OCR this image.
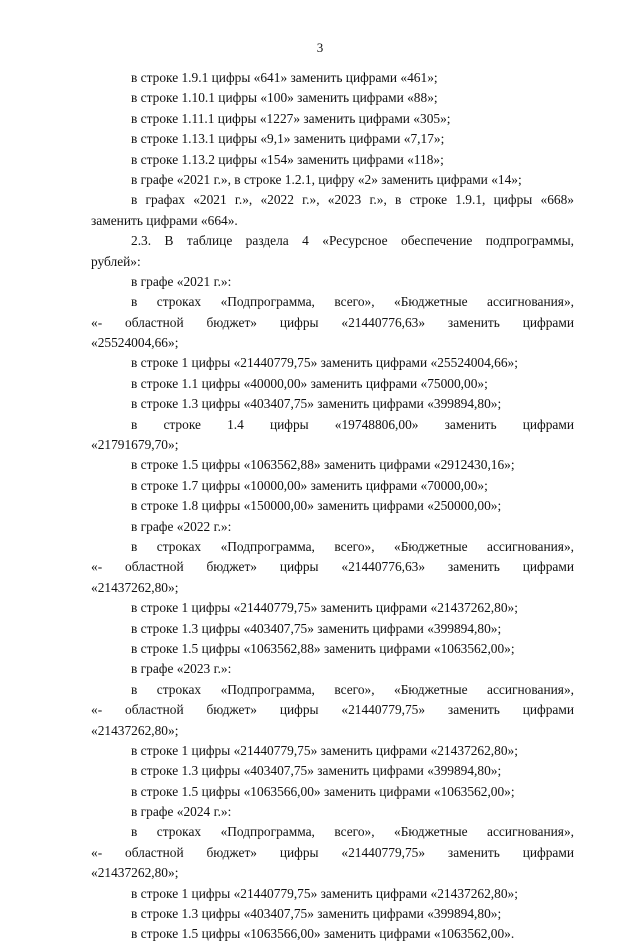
3
в строке 1.9.1 цифры «641» заменить цифрами «461»;
в строке 1.10.1 цифры «100» заменить цифрами «88»;
в строке 1.11.1 цифры «1227» заменить цифрами «305»;
в строке 1.13.1 цифры «9,1» заменить цифрами «7,17»;
в строке 1.13.2 цифры «154» заменить цифрами «118»;
в графе «2021 г.», в строке 1.2.1, цифру «2» заменить цифрами «14»;
в графах «2021 г.», «2022 г.», «2023 г.», в строке 1.9.1, цифры «668»
заменить цифрами «664».
2.3. В таблице раздела 4 «Ресурсное обеспечение подпрограммы,
рублей»:
в графе «2021 г.»:
в строках «Подпрограмма, всего», «Бюджетные ассигнования»,
«- областной бюджет» цифры «21440776,63» заменить цифрами
«25524004,66»;
в строке 1 цифры «21440779,75» заменить цифрами «25524004,66»;
в строке 1.1 цифры «40000,00» заменить цифрами «75000,00»;
в строке 1.3 цифры «403407,75» заменить цифрами «399894,80»;
в строке 1.4 цифры «19748806,00» заменить цифрами
«21791679,70»;
в строке 1.5 цифры «1063562,88» заменить цифрами «2912430,16»;
в строке 1.7 цифры «10000,00» заменить цифрами «70000,00»;
в строке 1.8 цифры «150000,00» заменить цифрами «250000,00»;
в графе «2022 г.»:
в строках «Подпрограмма, всего», «Бюджетные ассигнования»,
«- областной бюджет» цифры «21440776,63» заменить цифрами
«21437262,80»;
в строке 1 цифры «21440779,75» заменить цифрами «21437262,80»;
в строке 1.3 цифры «403407,75» заменить цифрами «399894,80»;
в строке 1.5 цифры «1063562,88» заменить цифрами «1063562,00»;
в графе «2023 г.»:
в строках «Подпрограмма, всего», «Бюджетные ассигнования»,
«- областной бюджет» цифры «21440779,75» заменить цифрами
«21437262,80»;
в строке 1 цифры «21440779,75» заменить цифрами «21437262,80»;
в строке 1.3 цифры «403407,75» заменить цифрами «399894,80»;
в строке 1.5 цифры «1063566,00» заменить цифрами «1063562,00»;
в графе «2024 г.»:
в строках «Подпрограмма, всего», «Бюджетные ассигнования»,
«- областной бюджет» цифры «21440779,75» заменить цифрами
«21437262,80»;
в строке 1 цифры «21440779,75» заменить цифрами «21437262,80»;
в строке 1.3 цифры «403407,75» заменить цифрами «399894,80»;
в строке 1.5 цифры «1063566,00» заменить цифрами «1063562,00».
